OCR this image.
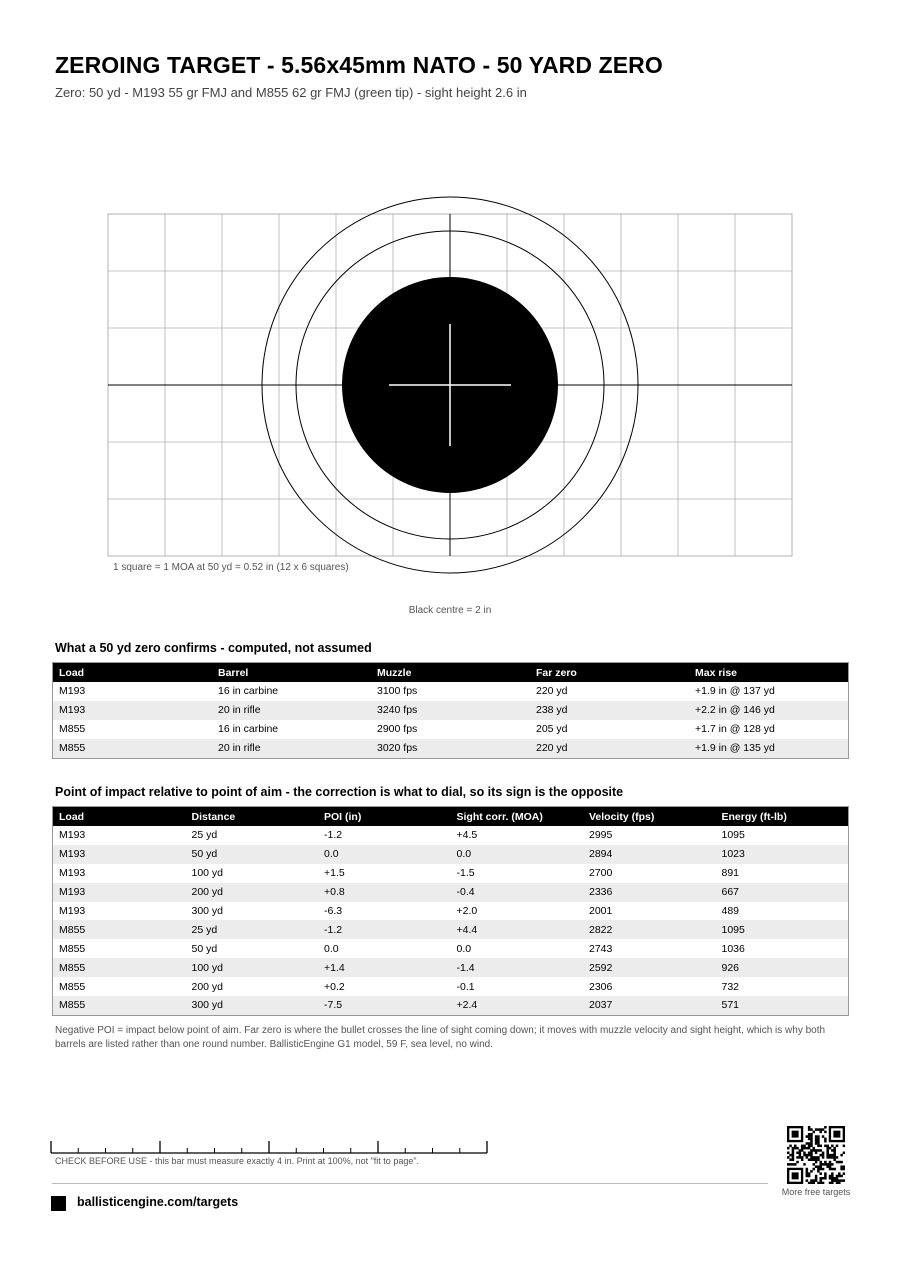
ZEROING TARGET - 5.56x45mm NATO - 50 YARD ZERO
Zero: 50 yd - M193 55 gr FMJ and M855 62 gr FMJ (green tip) - sight height 2.6 in
1 square = 1 MOA at 50 yd = 0.52 in (12 x 6 squares)
Black centre = 2 in
What a 50 yd zero confirms - computed, not assumed
Load	Barrel	Muzzle	Far zero	Max rise
M193	16 in carbine	3100 fps	220 yd	+1.9 in @ 137 yd
M193	20 in rifle	3240 fps	238 yd	+2.2 in @ 146 yd
M855	16 in carbine	2900 fps	205 yd	+1.7 in @ 128 yd
M855	20 in rifle	3020 fps	220 yd	+1.9 in @ 135 yd
Point of impact relative to point of aim - the correction is what to dial, so its sign is the opposite
Load	Distance	POI (in)	Sight corr. (MOA)	Velocity (fps)	Energy (ft-lb)
M193	25 yd	-1.2	+4.5	2995	1095
M193	50 yd	0.0	0.0	2894	1023
M193	100 yd	+1.5	-1.5	2700	891
M193	200 yd	+0.8	-0.4	2336	667
M193	300 yd	-6.3	+2.0	2001	489
M855	25 yd	-1.2	+4.4	2822	1095
M855	50 yd	0.0	0.0	2743	1036
M855	100 yd	+1.4	-1.4	2592	926
M855	200 yd	+0.2	-0.1	2306	732
M855	300 yd	-7.5	+2.4	2037	571
Negative POI = impact below point of aim. Far zero is where the bullet crosses the line of sight coming down; it moves with muzzle velocity and sight height, which is why both barrels are listed rather than one round number. BallisticEngine G1 model, 59 F, sea level, no wind.
CHECK BEFORE USE - this bar must measure exactly 4 in. Print at 100%, not "fit to page".
ballisticengine.com/targets
More free targets
